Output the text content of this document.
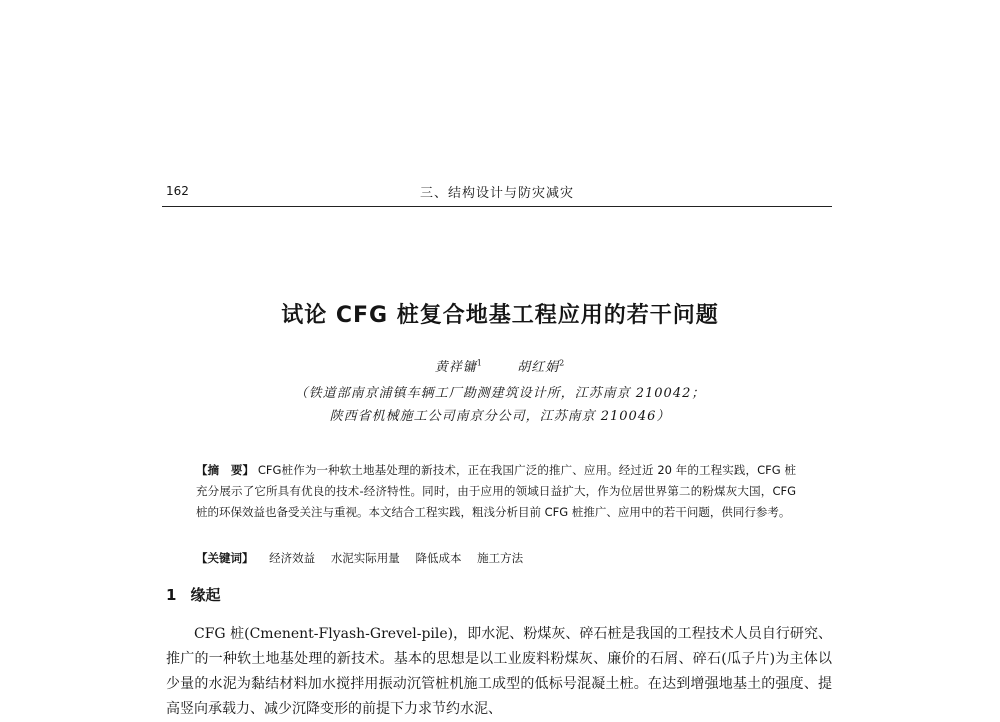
162	三、结构设计与防灾减灾
试论 CFG 桩复合地基工程应用的若干问题
黄祥镛$^1$	胡红娟$^2$
（铁道部南京浦镇车辆工厂勘测建筑设计所，江苏南京 210042；
陕西省机械施工公司南京分公司，江苏南京 210046）
【摘　要】 CFG桩作为一种软土地基处理的新技术，正在我国广泛的推广、应用。经过近 20 年的工程实践，CFG 桩充分展示了它所具有优良的技术-经济特性。同时，由于应用的领域日益扩大，作为位居世界第二的粉煤灰大国，CFG 桩的环保效益也备受关注与重视。本文结合工程实践，粗浅分析目前 CFG 桩推广、应用中的若干问题，供同行参考。
【关键词】 经济效益 水泥实际用量 降低成本 施工方法
1 缘起
CFG 桩(Cmenent-Flyash-Grevel-pile)，即水泥、粉煤灰、碎石桩是我国的工程技术人员自行研究、推广的一种软土地基处理的新技术。基本的思想是以工业废料粉煤灰、廉价的石屑、碎石(瓜子片)为主体以少量的水泥为黏结材料加水搅拌用振动沉管桩机施工成型的低标号混凝土桩。在达到增强地基土的强度、提高竖向承载力、减少沉降变形的前提下力求节约水泥、
